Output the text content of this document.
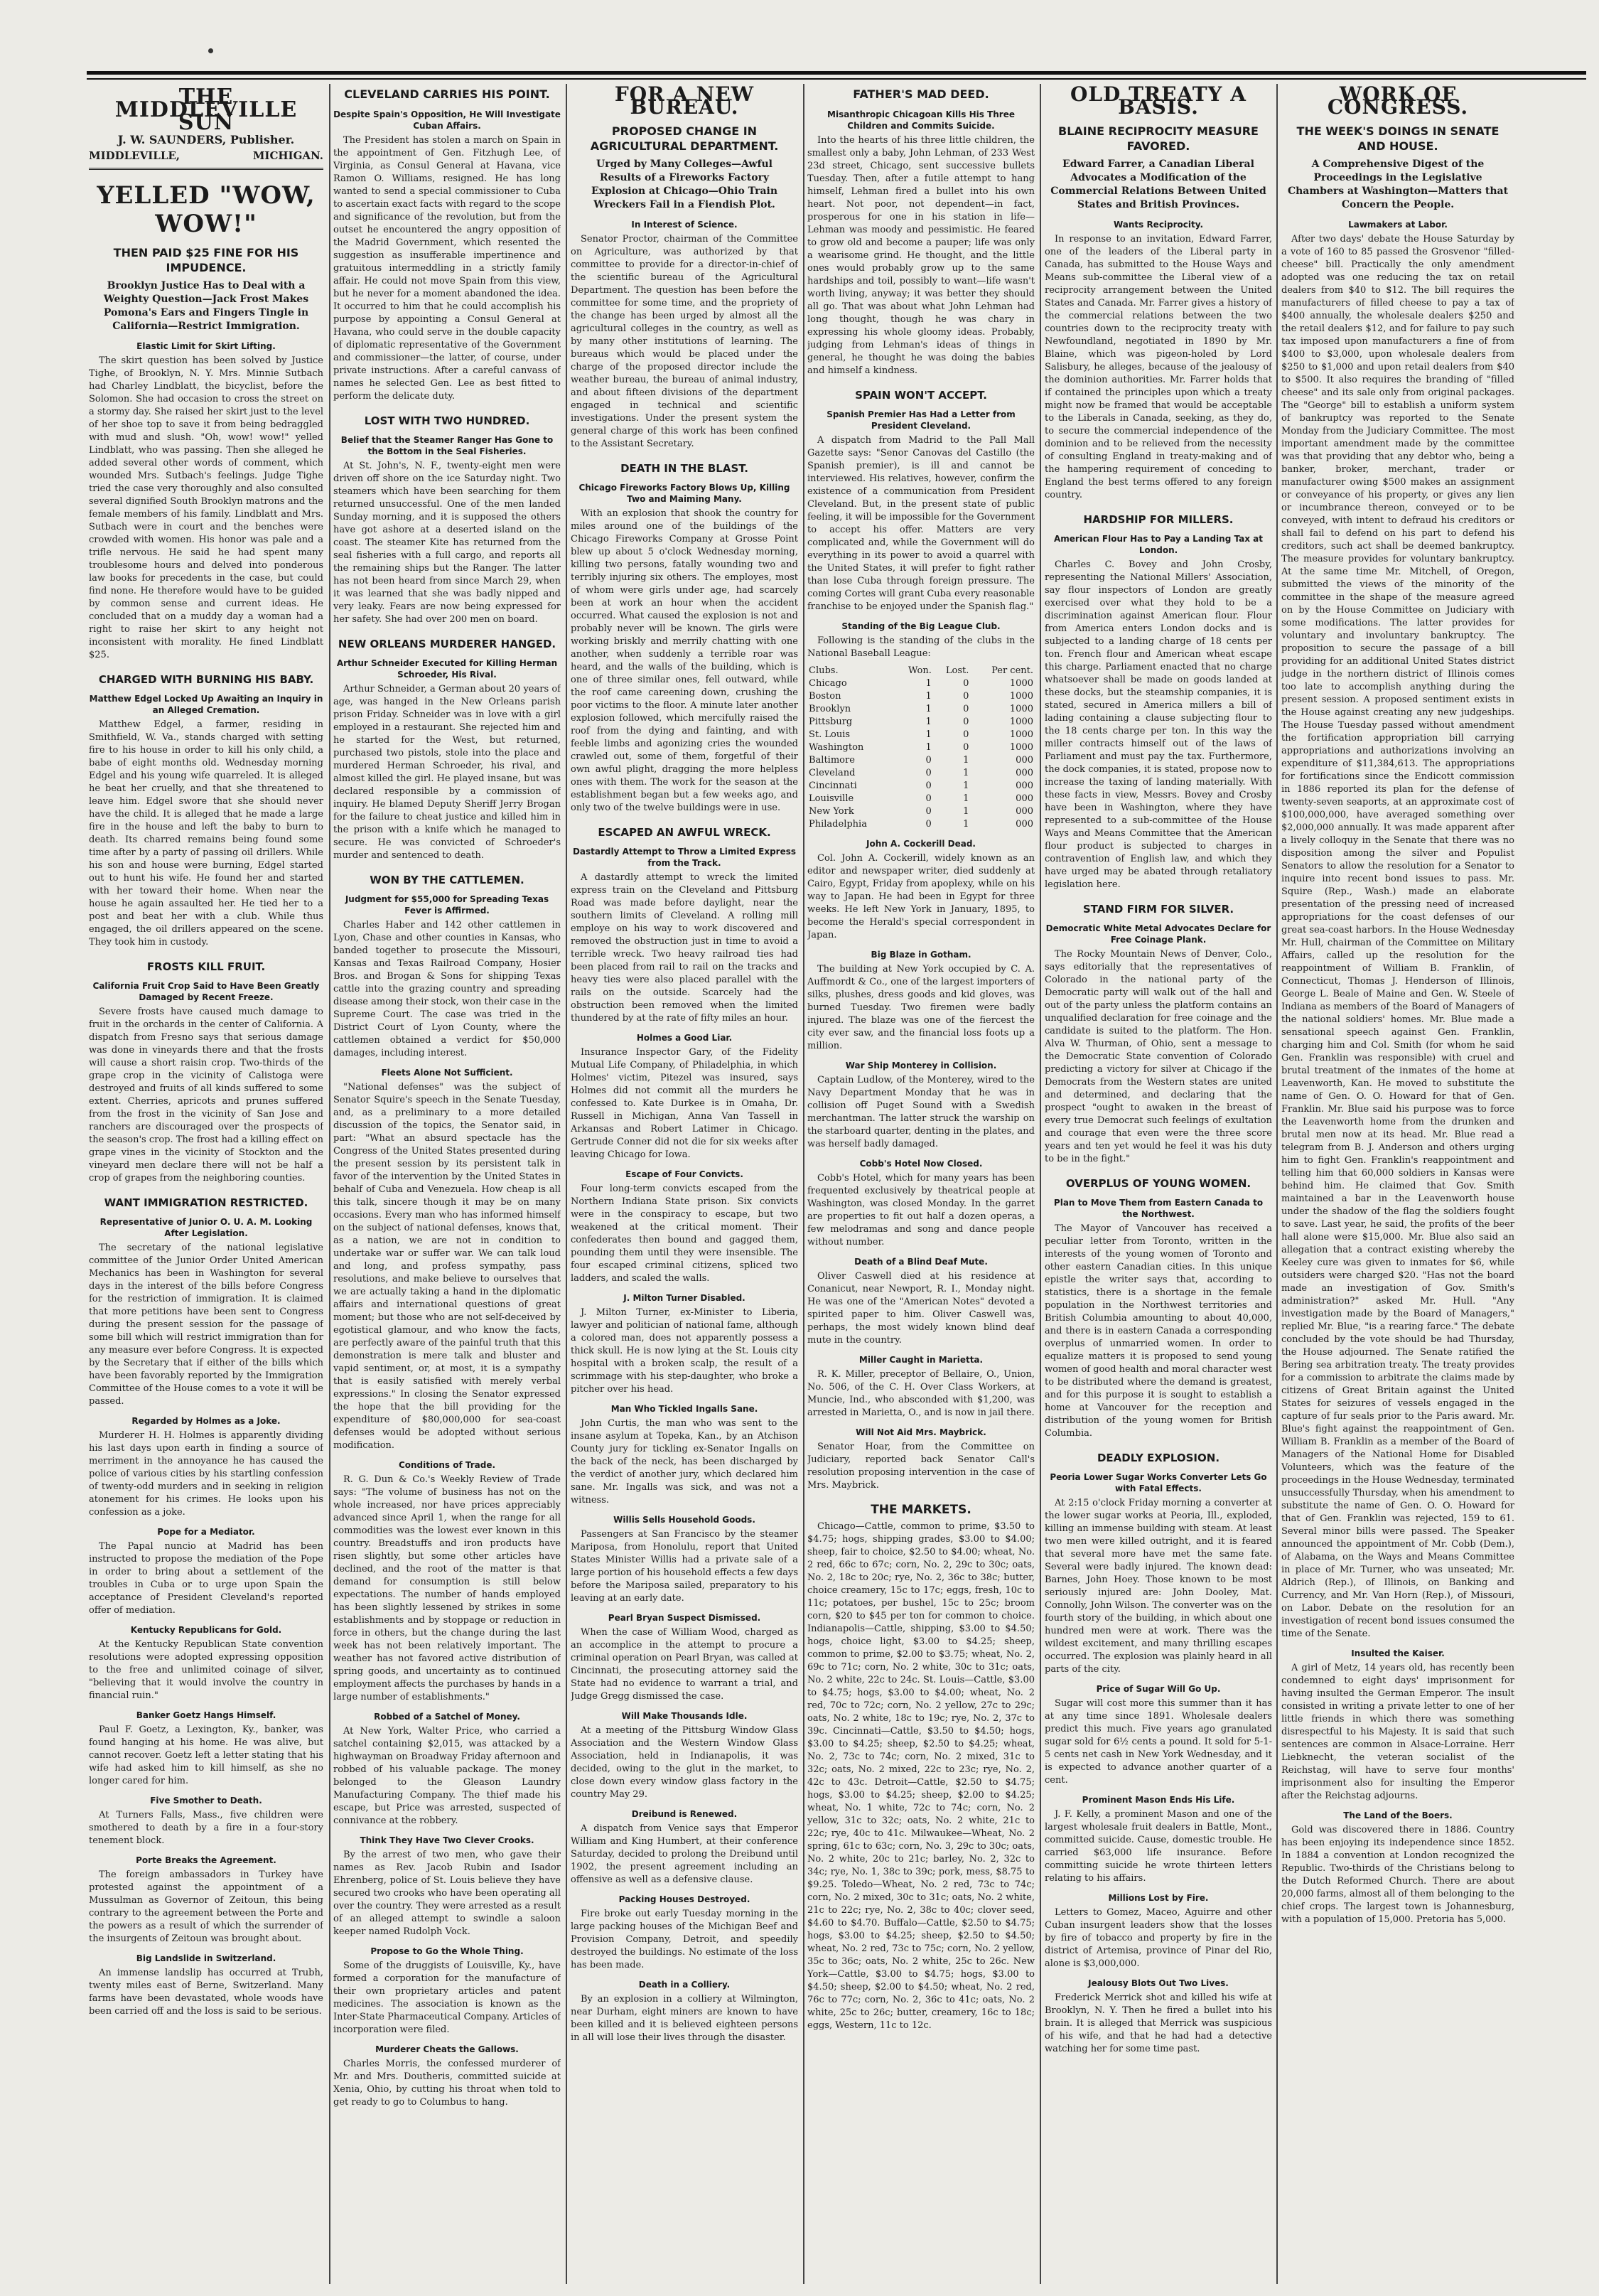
THE MIDDLEVILLE SUN
J. W. SAUNDERS, Publisher.
MIDDLEVILLE,	MICHIGAN.
YELLED "WOW, WOW!"
THEN PAID $25 FINE FOR HIS IMPUDENCE.
Brooklyn Justice Has to Deal with a Weighty Question—Jack Frost Makes Pomona's Ears and Fingers Tingle in California—Restrict Immigration.
Elastic Limit for Skirt Lifting.

The skirt question has been solved by Justice Tighe, of Brooklyn, N. Y. Mrs. Minnie Sutbach had Charley Lindblatt, the bicyclist, before the Solomon. She had occasion to cross the street on a stormy day. She raised her skirt just to the level of her shoe top to save it from being bedraggled with mud and slush. "Oh, wow! wow!" yelled Lindblatt, who was passing. Then she alleged he added several other words of comment, which wounded Mrs. Sutbach's feelings. Judge Tighe tried the case very thoroughly and also consulted several dignified South Brooklyn matrons and the female members of his family. Lindblatt and Mrs. Sutbach were in court and the benches were crowded with women. His honor was pale and a trifle nervous. He said he had spent many troublesome hours and delved into ponderous law books for precedents in the case, but could find none. He therefore would have to be guided by common sense and current ideas. He concluded that on a muddy day a woman had a right to raise her skirt to any height not inconsistent with morality. He fined Lindblatt $25.

CHARGED WITH BURNING HIS BABY.
Matthew Edgel Locked Up Awaiting an Inquiry in an Alleged Cremation.

Matthew Edgel, a farmer, residing in Smithfield, W. Va., stands charged with setting fire to his house in order to kill his only child, a babe of eight months old. Wednesday morning Edgel and his young wife quarreled. It is alleged he beat her cruelly, and that she threatened to leave him. Edgel swore that she should never have the child. It is alleged that he made a large fire in the house and left the baby to burn to death. Its charred remains being found some time after by a party of passing oil drillers. While his son and house were burning, Edgel started out to hunt his wife. He found her and started with her toward their home. When near the house he again assaulted her. He tied her to a post and beat her with a club. While thus engaged, the oil drillers appeared on the scene. They took him in custody.

FROSTS KILL FRUIT.
California Fruit Crop Said to Have Been Greatly Damaged by Recent Freeze.

Severe frosts have caused much damage to fruit in the orchards in the center of California. A dispatch from Fresno says that serious damage was done in vineyards there and that the frosts will cause a short raisin crop. Two-thirds of the grape crop in the vicinity of Calistoga were destroyed and fruits of all kinds suffered to some extent. Cherries, apricots and prunes suffered from the frost in the vicinity of San Jose and ranchers are discouraged over the prospects of the season's crop. The frost had a killing effect on grape vines in the vicinity of Stockton and the vineyard men declare there will not be half a crop of grapes from the neighboring counties.

WANT IMMIGRATION RESTRICTED.
Representative of Junior O. U. A. M. Looking After Legislation.

The secretary of the national legislative committee of the Junior Order United American Mechanics has been in Washington for several days in the interest of the bills before Congress for the restriction of immigration. It is claimed that more petitions have been sent to Congress during the present session for the passage of some bill which will restrict immigration than for any measure ever before Congress. It is expected by the Secretary that if either of the bills which have been favorably reported by the Immigration Committee of the House comes to a vote it will be passed.

Regarded by Holmes as a Joke.

Murderer H. H. Holmes is apparently dividing his last days upon earth in finding a source of merriment in the annoyance he has caused the police of various cities by his startling confession of twenty-odd murders and in seeking in religion atonement for his crimes. He looks upon his confession as a joke.

Pope for a Mediator.

The Papal nuncio at Madrid has been instructed to propose the mediation of the Pope in order to bring about a settlement of the troubles in Cuba or to urge upon Spain the acceptance of President Cleveland's reported offer of mediation.

Kentucky Republicans for Gold.

At the Kentucky Republican State convention resolutions were adopted expressing opposition to the free and unlimited coinage of silver, "believing that it would involve the country in financial ruin."

Banker Goetz Hangs Himself.

Paul F. Goetz, a Lexington, Ky., banker, was found hanging at his home. He was alive, but cannot recover. Goetz left a letter stating that his wife had asked him to kill himself, as she no longer cared for him.

Five Smother to Death.

At Turners Falls, Mass., five children were smothered to death by a fire in a four-story tenement block.

Porte Breaks the Agreement.

The foreign ambassadors in Turkey have protested against the appointment of a Mussulman as Governor of Zeitoun, this being contrary to the agreement between the Porte and the powers as a result of which the surrender of the insurgents of Zeitoun was brought about.

Big Landslide in Switzerland.

An immense landslip has occurred at Trubh, twenty miles east of Berne, Switzerland. Many farms have been devastated, whole woods have been carried off and the loss is said to be serious.

CLEVELAND CARRIES HIS POINT.
Despite Spain's Opposition, He Will Investigate Cuban Affairs.

The President has stolen a march on Spain in the appointment of Gen. Fitzhugh Lee, of Virginia, as Consul General at Havana, vice Ramon O. Williams, resigned. He has long wanted to send a special commissioner to Cuba to ascertain exact facts with regard to the scope and significance of the revolution, but from the outset he encountered the angry opposition of the Madrid Government, which resented the suggestion as insufferable impertinence and gratuitous intermeddling in a strictly family affair. He could not move Spain from this view, but he never for a moment abandoned the idea. It occurred to him that he could accomplish his purpose by appointing a Consul General at Havana, who could serve in the double capacity of diplomatic representative of the Government and commissioner—the latter, of course, under private instructions. After a careful canvass of names he selected Gen. Lee as best fitted to perform the delicate duty.

LOST WITH TWO HUNDRED.
Belief that the Steamer Ranger Has Gone to the Bottom in the Seal Fisheries.

At St. John's, N. F., twenty-eight men were driven off shore on the ice Saturday night. Two steamers which have been searching for them returned unsuccessful. One of the men landed Sunday morning, and it is supposed the others have got ashore at a deserted island on the coast. The steamer Kite has returned from the seal fisheries with a full cargo, and reports all the remaining ships but the Ranger. The latter has not been heard from since March 29, when it was learned that she was badly nipped and very leaky. Fears are now being expressed for her safety. She had over 200 men on board.

NEW ORLEANS MURDERER HANGED.
Arthur Schneider Executed for Killing Herman Schroeder, His Rival.

Arthur Schneider, a German about 20 years of age, was hanged in the New Orleans parish prison Friday. Schneider was in love with a girl employed in a restaurant. She rejected him and he started for the West, but returned, purchased two pistols, stole into the place and murdered Herman Schroeder, his rival, and almost killed the girl. He played insane, but was declared responsible by a commission of inquiry. He blamed Deputy Sheriff Jerry Brogan for the failure to cheat justice and killed him in the prison with a knife which he managed to secure. He was convicted of Schroeder's murder and sentenced to death.

WON BY THE CATTLEMEN.
Judgment for $55,000 for Spreading Texas Fever is Affirmed.

Charles Haber and 142 other cattlemen in Lyon, Chase and other counties in Kansas, who banded together to prosecute the Missouri, Kansas and Texas Railroad Company, Hosier Bros. and Brogan & Sons for shipping Texas cattle into the grazing country and spreading disease among their stock, won their case in the Supreme Court. The case was tried in the District Court of Lyon County, where the cattlemen obtained a verdict for $50,000 damages, including interest.

Fleets Alone Not Sufficient.

"National defenses" was the subject of Senator Squire's speech in the Senate Tuesday, and, as a preliminary to a more detailed discussion of the topics, the Senator said, in part: "What an absurd spectacle has the Congress of the United States presented during the present session by its persistent talk in favor of the intervention by the United States in behalf of Cuba and Venezuela. How cheap is all this talk, sincere though it may be on many occasions. Every man who has informed himself on the subject of national defenses, knows that, as a nation, we are not in condition to undertake war or suffer war. We can talk loud and long, and profess sympathy, pass resolutions, and make believe to ourselves that we are actually taking a hand in the diplomatic affairs and international questions of great moment; but those who are not self-deceived by egotistical glamour, and who know the facts, are perfectly aware of the painful truth that this demonstration is mere talk and bluster and vapid sentiment, or, at most, it is a sympathy that is easily satisfied with merely verbal expressions." In closing the Senator expressed the hope that the bill providing for the expenditure of $80,000,000 for sea-coast defenses would be adopted without serious modification.

Conditions of Trade.

R. G. Dun & Co.'s Weekly Review of Trade says: "The volume of business has not on the whole increased, nor have prices appreciably advanced since April 1, when the range for all commodities was the lowest ever known in this country. Breadstuffs and iron products have risen slightly, but some other articles have declined, and the root of the matter is that demand for consumption is still below expectations. The number of hands employed has been slightly lessened by strikes in some establishments and by stoppage or reduction in force in others, but the change during the last week has not been relatively important. The weather has not favored active distribution of spring goods, and uncertainty as to continued employment affects the purchases by hands in a large number of establishments."

Robbed of a Satchel of Money.

At New York, Walter Price, who carried a satchel containing $2,015, was attacked by a highwayman on Broadway Friday afternoon and robbed of his valuable package. The money belonged to the Gleason Laundry Manufacturing Company. The thief made his escape, but Price was arrested, suspected of connivance at the robbery.

Think They Have Two Clever Crooks.

By the arrest of two men, who gave their names as Rev. Jacob Rubin and Isador Ehrenberg, police of St. Louis believe they have secured two crooks who have been operating all over the country. They were arrested as a result of an alleged attempt to swindle a saloon keeper named Rudolph Vock.

Propose to Go the Whole Thing.

Some of the druggists of Louisville, Ky., have formed a corporation for the manufacture of their own proprietary articles and patent medicines. The association is known as the Inter-State Pharmaceutical Company. Articles of incorporation were filed.

Murderer Cheats the Gallows.

Charles Morris, the confessed murderer of Mr. and Mrs. Doutheris, committed suicide at Xenia, Ohio, by cutting his throat when told to get ready to go to Columbus to hang.

FOR A NEW BUREAU.
PROPOSED CHANGE IN AGRICULTURAL DEPARTMENT.
Urged by Many Colleges—Awful Results of a Fireworks Factory Explosion at Chicago—Ohio Train Wreckers Fail in a Fiendish Plot.
In Interest of Science.

Senator Proctor, chairman of the Committee on Agriculture, was authorized by that committee to provide for a director-in-chief of the scientific bureau of the Agricultural Department. The question has been before the committee for some time, and the propriety of the change has been urged by almost all the agricultural colleges in the country, as well as by many other institutions of learning. The bureaus which would be placed under the charge of the proposed director include the weather bureau, the bureau of animal industry, and about fifteen divisions of the department engaged in technical and scientific investigations. Under the present system the general charge of this work has been confined to the Assistant Secretary.

DEATH IN THE BLAST.
Chicago Fireworks Factory Blows Up, Killing Two and Maiming Many.

With an explosion that shook the country for miles around one of the buildings of the Chicago Fireworks Company at Grosse Point blew up about 5 o'clock Wednesday morning, killing two persons, fatally wounding two and terribly injuring six others. The employes, most of whom were girls under age, had scarcely been at work an hour when the accident occurred. What caused the explosion is not and probably never will be known. The girls were working briskly and merrily chatting with one another, when suddenly a terrible roar was heard, and the walls of the building, which is one of three similar ones, fell outward, while the roof came careening down, crushing the poor victims to the floor. A minute later another explosion followed, which mercifully raised the roof from the dying and fainting, and with feeble limbs and agonizing cries the wounded crawled out, some of them, forgetful of their own awful plight, dragging the more helpless ones with them. The work for the season at the establishment began but a few weeks ago, and only two of the twelve buildings were in use.

ESCAPED AN AWFUL WRECK.
Dastardly Attempt to Throw a Limited Express from the Track.

A dastardly attempt to wreck the limited express train on the Cleveland and Pittsburg Road was made before daylight, near the southern limits of Cleveland. A rolling mill employe on his way to work discovered and removed the obstruction just in time to avoid a terrible wreck. Two heavy railroad ties had been placed from rail to rail on the tracks and heavy ties were also placed parallel with the rails on the outside. Scarcely had the obstruction been removed when the limited thundered by at the rate of fifty miles an hour.

Holmes a Good Liar.

Insurance Inspector Gary, of the Fidelity Mutual Life Company, of Philadelphia, in which Holmes' victim, Pitezel was insured, says Holmes did not commit all the murders he confessed to. Kate Durkee is in Omaha, Dr. Russell in Michigan, Anna Van Tassell in Arkansas and Robert Latimer in Chicago. Gertrude Conner did not die for six weeks after leaving Chicago for Iowa.

Escape of Four Convicts.

Four long-term convicts escaped from the Northern Indiana State prison. Six convicts were in the conspiracy to escape, but two weakened at the critical moment. Their confederates then bound and gagged them, pounding them until they were insensible. The four escaped criminal citizens, spliced two ladders, and scaled the walls.

J. Milton Turner Disabled.

J. Milton Turner, ex-Minister to Liberia, lawyer and politician of national fame, although a colored man, does not apparently possess a thick skull. He is now lying at the St. Louis city hospital with a broken scalp, the result of a scrimmage with his step-daughter, who broke a pitcher over his head.

Man Who Tickled Ingalls Sane.

John Curtis, the man who was sent to the insane asylum at Topeka, Kan., by an Atchison County jury for tickling ex-Senator Ingalls on the back of the neck, has been discharged by the verdict of another jury, which declared him sane. Mr. Ingalls was sick, and was not a witness.

Willis Sells Household Goods.

Passengers at San Francisco by the steamer Mariposa, from Honolulu, report that United States Minister Willis had a private sale of a large portion of his household effects a few days before the Mariposa sailed, preparatory to his leaving at an early date.

Pearl Bryan Suspect Dismissed.

When the case of William Wood, charged as an accomplice in the attempt to procure a criminal operation on Pearl Bryan, was called at Cincinnati, the prosecuting attorney said the State had no evidence to warrant a trial, and Judge Gregg dismissed the case.

Will Make Thousands Idle.

At a meeting of the Pittsburg Window Glass Association and the Western Window Glass Association, held in Indianapolis, it was decided, owing to the glut in the market, to close down every window glass factory in the country May 29.

Dreibund is Renewed.

A dispatch from Venice says that Emperor William and King Humbert, at their conference Saturday, decided to prolong the Dreibund until 1902, the present agreement including an offensive as well as a defensive clause.

Packing Houses Destroyed.

Fire broke out early Tuesday morning in the large packing houses of the Michigan Beef and Provision Company, Detroit, and speedily destroyed the buildings. No estimate of the loss has been made.

Death in a Colliery.

By an explosion in a colliery at Wilmington, near Durham, eight miners are known to have been killed and it is believed eighteen persons in all will lose their lives through the disaster.

FATHER'S MAD DEED.
Misanthropic Chicagoan Kills His Three Children and Commits Suicide.

Into the hearts of his three little children, the smallest only a baby, John Lehman, of 233 West 23d street, Chicago, sent successive bullets Tuesday. Then, after a futile attempt to hang himself, Lehman fired a bullet into his own heart. Not poor, not dependent—in fact, prosperous for one in his station in life—Lehman was moody and pessimistic. He feared to grow old and become a pauper; life was only a wearisome grind. He thought, and the little ones would probably grow up to the same hardships and toil, possibly to want—life wasn't worth living, anyway; it was better they should all go. That was about what John Lehman had long thought, though he was chary in expressing his whole gloomy ideas. Probably, judging from Lehman's ideas of things in general, he thought he was doing the babies and himself a kindness.

SPAIN WON'T ACCEPT.
Spanish Premier Has Had a Letter from President Cleveland.

A dispatch from Madrid to the Pall Mall Gazette says: "Senor Canovas del Castillo (the Spanish premier), is ill and cannot be interviewed. His relatives, however, confirm the existence of a communication from President Cleveland. But, in the present state of public feeling, it will be impossible for the Government to accept his offer. Matters are very complicated and, while the Government will do everything in its power to avoid a quarrel with the United States, it will prefer to fight rather than lose Cuba through foreign pressure. The coming Cortes will grant Cuba every reasonable franchise to be enjoyed under the Spanish flag."

Standing of the Big League Club.

Following is the standing of the clubs in the National Baseball League:

Clubs.	Won.	Lost.	Per cent.
Chicago	1	0	1000
Boston	1	0	1000
Brooklyn	1	0	1000
Pittsburg	1	0	1000
St. Louis	1	0	1000
Washington	1	0	1000
Baltimore	0	1	000
Cleveland	0	1	000
Cincinnati	0	1	000
Louisville	0	1	000
New York	0	1	000
Philadelphia	0	1	000
John A. Cockerill Dead.

Col. John A. Cockerill, widely known as an editor and newspaper writer, died suddenly at Cairo, Egypt, Friday from apoplexy, while on his way to Japan. He had been in Egypt for three weeks. He left New York in January, 1895, to become the Herald's special correspondent in Japan.

Big Blaze in Gotham.

The building at New York occupied by C. A. Auffmordt & Co., one of the largest importers of silks, plushes, dress goods and kid gloves, was burned Tuesday. Two firemen were badly injured. The blaze was one of the fiercest the city ever saw, and the financial loss foots up a million.

War Ship Monterey in Collision.

Captain Ludlow, of the Monterey, wired to the Navy Department Monday that he was in collision off Puget Sound with a Swedish merchantman. The latter struck the warship on the starboard quarter, denting in the plates, and was herself badly damaged.

Cobb's Hotel Now Closed.

Cobb's Hotel, which for many years has been frequented exclusively by theatrical people at Washington, was closed Monday. In the garret are properties to fit out half a dozen operas, a few melodramas and song and dance people without number.

Death of a Blind Deaf Mute.

Oliver Caswell died at his residence at Conanicut, near Newport, R. I., Monday night. He was one of the "American Notes" devoted a spirited paper to him. Oliver Caswell was, perhaps, the most widely known blind deaf mute in the country.

Miller Caught in Marietta.

R. K. Miller, preceptor of Bellaire, O., Union, No. 506, of the C. H. Over Class Workers, at Muncie, Ind., who absconded with $1,200, was arrested in Marietta, O., and is now in jail there.

Will Not Aid Mrs. Maybrick.

Senator Hoar, from the Committee on Judiciary, reported back Senator Call's resolution proposing intervention in the case of Mrs. Maybrick.

THE MARKETS.

Chicago—Cattle, common to prime, $3.50 to $4.75; hogs, shipping grades, $3.00 to $4.00; sheep, fair to choice, $2.50 to $4.00; wheat, No. 2 red, 66c to 67c; corn, No. 2, 29c to 30c; oats, No. 2, 18c to 20c; rye, No. 2, 36c to 38c; butter, choice creamery, 15c to 17c; eggs, fresh, 10c to 11c; potatoes, per bushel, 15c to 25c; broom corn, $20 to $45 per ton for common to choice. Indianapolis—Cattle, shipping, $3.00 to $4.50; hogs, choice light, $3.00 to $4.25; sheep, common to prime, $2.00 to $3.75; wheat, No. 2, 69c to 71c; corn, No. 2 white, 30c to 31c; oats, No. 2 white, 22c to 24c. St. Louis—Cattle, $3.00 to $4.75; hogs, $3.00 to $4.00; wheat, No. 2 red, 70c to 72c; corn, No. 2 yellow, 27c to 29c; oats, No. 2 white, 18c to 19c; rye, No. 2, 37c to 39c. Cincinnati—Cattle, $3.50 to $4.50; hogs, $3.00 to $4.25; sheep, $2.50 to $4.25; wheat, No. 2, 73c to 74c; corn, No. 2 mixed, 31c to 32c; oats, No. 2 mixed, 22c to 23c; rye, No. 2, 42c to 43c. Detroit—Cattle, $2.50 to $4.75; hogs, $3.00 to $4.25; sheep, $2.00 to $4.25; wheat, No. 1 white, 72c to 74c; corn, No. 2 yellow, 31c to 32c; oats, No. 2 white, 21c to 22c; rye, 40c to 41c. Milwaukee—Wheat, No. 2 spring, 61c to 63c; corn, No. 3, 29c to 30c; oats, No. 2 white, 20c to 21c; barley, No. 2, 32c to 34c; rye, No. 1, 38c to 39c; pork, mess, $8.75 to $9.25. Toledo—Wheat, No. 2 red, 73c to 74c; corn, No. 2 mixed, 30c to 31c; oats, No. 2 white, 21c to 22c; rye, No. 2, 38c to 40c; clover seed, $4.60 to $4.70. Buffalo—Cattle, $2.50 to $4.75; hogs, $3.00 to $4.25; sheep, $2.50 to $4.50; wheat, No. 2 red, 73c to 75c; corn, No. 2 yellow, 35c to 36c; oats, No. 2 white, 25c to 26c. New York—Cattle, $3.00 to $4.75; hogs, $3.00 to $4.50; sheep, $2.00 to $4.50; wheat, No. 2 red, 76c to 77c; corn, No. 2, 36c to 41c; oats, No. 2 white, 25c to 26c; butter, creamery, 16c to 18c; eggs, Western, 11c to 12c.

OLD TREATY A BASIS.
BLAINE RECIPROCITY MEASURE FAVORED.
Edward Farrer, a Canadian Liberal Advocates a Modification of the Commercial Relations Between United States and British Provinces.
Wants Reciprocity.

In response to an invitation, Edward Farrer, one of the leaders of the Liberal party in Canada, has submitted to the House Ways and Means sub-committee the Liberal view of a reciprocity arrangement between the United States and Canada. Mr. Farrer gives a history of the commercial relations between the two countries down to the reciprocity treaty with Newfoundland, negotiated in 1890 by Mr. Blaine, which was pigeon-holed by Lord Salisbury, he alleges, because of the jealousy of the dominion authorities. Mr. Farrer holds that if contained the principles upon which a treaty might now be framed that would be acceptable to the Liberals in Canada, seeking, as they do, to secure the commercial independence of the dominion and to be relieved from the necessity of consulting England in treaty-making and of the hampering requirement of conceding to England the best terms offered to any foreign country.

HARDSHIP FOR MILLERS.
American Flour Has to Pay a Landing Tax at London.

Charles C. Bovey and John Crosby, representing the National Millers' Association, say flour inspectors of London are greatly exercised over what they hold to be a discrimination against American flour. Flour from America enters London docks and is subjected to a landing charge of 18 cents per ton. French flour and American wheat escape this charge. Parliament enacted that no charge whatsoever shall be made on goods landed at these docks, but the steamship companies, it is stated, secured in America millers a bill of lading containing a clause subjecting flour to the 18 cents charge per ton. In this way the miller contracts himself out of the laws of Parliament and must pay the tax. Furthermore, the dock companies, it is stated, propose now to increase the taxing of landing materially. With these facts in view, Messrs. Bovey and Crosby have been in Washington, where they have represented to a sub-committee of the House Ways and Means Committee that the American flour product is subjected to charges in contravention of English law, and which they have urged may be abated through retaliatory legislation here.

STAND FIRM FOR SILVER.
Democratic White Metal Advocates Declare for Free Coinage Plank.

The Rocky Mountain News of Denver, Colo., says editorially that the representatives of Colorado in the national party of the Democratic party will walk out of the hall and out of the party unless the platform contains an unqualified declaration for free coinage and the candidate is suited to the platform. The Hon. Alva W. Thurman, of Ohio, sent a message to the Democratic State convention of Colorado predicting a victory for silver at Chicago if the Democrats from the Western states are united and determined, and declaring that the prospect "ought to awaken in the breast of every true Democrat such feelings of exultation and courage that even were the three score years and ten yet would he feel it was his duty to be in the fight."

OVERPLUS OF YOUNG WOMEN.
Plan to Move Them from Eastern Canada to the Northwest.

The Mayor of Vancouver has received a peculiar letter from Toronto, written in the interests of the young women of Toronto and other eastern Canadian cities. In this unique epistle the writer says that, according to statistics, there is a shortage in the female population in the Northwest territories and British Columbia amounting to about 40,000, and there is in eastern Canada a corresponding overplus of unmarried women. In order to equalize matters it is proposed to send young women of good health and moral character west to be distributed where the demand is greatest, and for this purpose it is sought to establish a home at Vancouver for the reception and distribution of the young women for British Columbia.

DEADLY EXPLOSION.
Peoria Lower Sugar Works Converter Lets Go with Fatal Effects.

At 2:15 o'clock Friday morning a converter at the lower sugar works at Peoria, Ill., exploded, killing an immense building with steam. At least two men were killed outright, and it is feared that several more have met the same fate. Several were badly injured. The known dead: Barnes, John Hoey. Those known to be most seriously injured are: John Dooley, Mat. Connolly, John Wilson. The converter was on the fourth story of the building, in which about one hundred men were at work. There was the wildest excitement, and many thrilling escapes occurred. The explosion was plainly heard in all parts of the city.

Price of Sugar Will Go Up.

Sugar will cost more this summer than it has at any time since 1891. Wholesale dealers predict this much. Five years ago granulated sugar sold for 6½ cents a pound. It sold for 5-1-5 cents net cash in New York Wednesday, and it is expected to advance another quarter of a cent.

Prominent Mason Ends His Life.

J. F. Kelly, a prominent Mason and one of the largest wholesale fruit dealers in Battle, Mont., committed suicide. Cause, domestic trouble. He carried $63,000 life insurance. Before committing suicide he wrote thirteen letters relating to his affairs.

Millions Lost by Fire.

Letters to Gomez, Maceo, Aguirre and other Cuban insurgent leaders show that the losses by fire of tobacco and property by fire in the district of Artemisa, province of Pinar del Rio, alone is $3,000,000.

Jealousy Blots Out Two Lives.

Frederick Merrick shot and killed his wife at Brooklyn, N. Y. Then he fired a bullet into his brain. It is alleged that Merrick was suspicious of his wife, and that he had had a detective watching her for some time past.

WORK OF CONGRESS.
THE WEEK'S DOINGS IN SENATE AND HOUSE.
A Comprehensive Digest of the Proceedings in the Legislative Chambers at Washington—Matters that Concern the People.
Lawmakers at Labor.

After two days' debate the House Saturday by a vote of 160 to 85 passed the Grosvenor "filled-cheese" bill. Practically the only amendment adopted was one reducing the tax on retail dealers from $40 to $12. The bill requires the manufacturers of filled cheese to pay a tax of $400 annually, the wholesale dealers $250 and the retail dealers $12, and for failure to pay such tax imposed upon manufacturers a fine of from $400 to $3,000, upon wholesale dealers from $250 to $1,000 and upon retail dealers from $40 to $500. It also requires the branding of "filled cheese" and its sale only from original packages. The "George" bill to establish a uniform system of bankruptcy was reported to the Senate Monday from the Judiciary Committee. The most important amendment made by the committee was that providing that any debtor who, being a banker, broker, merchant, trader or manufacturer owing $500 makes an assignment or conveyance of his property, or gives any lien or incumbrance thereon, conveyed or to be conveyed, with intent to defraud his creditors or shall fail to defend on his part to defend his creditors, such act shall be deemed bankruptcy. The measure provides for voluntary bankruptcy. At the same time Mr. Mitchell, of Oregon, submitted the views of the minority of the committee in the shape of the measure agreed on by the House Committee on Judiciary with some modifications. The latter provides for voluntary and involuntary bankruptcy. The proposition to secure the passage of a bill providing for an additional United States district judge in the northern district of Illinois comes too late to accomplish anything during the present session. A proposed sentiment exists in the House against creating any new judgeships. The House Tuesday passed without amendment the fortification appropriation bill carrying appropriations and authorizations involving an expenditure of $11,384,613. The appropriations for fortifications since the Endicott commission in 1886 reported its plan for the defense of twenty-seven seaports, at an approximate cost of $100,000,000, have averaged something over $2,000,000 annually. It was made apparent after a lively colloquy in the Senate that there was no disposition among the silver and Populist Senators to allow the resolution for a Senator to inquire into recent bond issues to pass. Mr. Squire (Rep., Wash.) made an elaborate presentation of the pressing need of increased appropriations for the coast defenses of our great sea-coast harbors. In the House Wednesday Mr. Hull, chairman of the Committee on Military Affairs, called up the resolution for the reappointment of William B. Franklin, of Connecticut, Thomas J. Henderson of Illinois, George L. Beale of Maine and Gen. W. Steele of Indiana as members of the Board of Managers of the national soldiers' homes. Mr. Blue made a sensational speech against Gen. Franklin, charging him and Col. Smith (for whom he said Gen. Franklin was responsible) with cruel and brutal treatment of the inmates of the home at Leavenworth, Kan. He moved to substitute the name of Gen. O. O. Howard for that of Gen. Franklin. Mr. Blue said his purpose was to force the Leavenworth home from the drunken and brutal men now at its head. Mr. Blue read a telegram from B. J. Anderson and others urging him to fight Gen. Franklin's reappointment and telling him that 60,000 soldiers in Kansas were behind him. He claimed that Gov. Smith maintained a bar in the Leavenworth house under the shadow of the flag the soldiers fought to save. Last year, he said, the profits of the beer hall alone were $15,000. Mr. Blue also said an allegation that a contract existing whereby the Keeley cure was given to inmates for $6, while outsiders were charged $20. "Has not the board made an investigation of Gov. Smith's administration?" asked Mr. Hull. "Any investigation made by the Board of Managers," replied Mr. Blue, "is a rearing farce." The debate concluded by the vote should be had Thursday, the House adjourned. The Senate ratified the Bering sea arbitration treaty. The treaty provides for a commission to arbitrate the claims made by citizens of Great Britain against the United States for seizures of vessels engaged in the capture of fur seals prior to the Paris award. Mr. Blue's fight against the reappointment of Gen. William B. Franklin as a member of the Board of Managers of the National Home for Disabled Volunteers, which was the feature of the proceedings in the House Wednesday, terminated unsuccessfully Thursday, when his amendment to substitute the name of Gen. O. O. Howard for that of Gen. Franklin was rejected, 159 to 61. Several minor bills were passed. The Speaker announced the appointment of Mr. Cobb (Dem.), of Alabama, on the Ways and Means Committee in place of Mr. Turner, who was unseated; Mr. Aldrich (Rep.), of Illinois, on Banking and Currency, and Mr. Van Horn (Rep.), of Missouri, on Labor. Debate on the resolution for an investigation of recent bond issues consumed the time of the Senate.

Insulted the Kaiser.

A girl of Metz, 14 years old, has recently been condemned to eight days' imprisonment for having insulted the German Emperor. The insult consisted in writing a private letter to one of her little friends in which there was something disrespectful to his Majesty. It is said that such sentences are common in Alsace-Lorraine. Herr Liebknecht, the veteran socialist of the Reichstag, will have to serve four months' imprisonment also for insulting the Emperor after the Reichstag adjourns.

The Land of the Boers.

Gold was discovered there in 1886. Country has been enjoying its independence since 1852. In 1884 a convention at London recognized the Republic. Two-thirds of the Christians belong to the Dutch Reformed Church. There are about 20,000 farms, almost all of them belonging to the chief crops. The largest town is Johannesburg, with a population of 15,000. Pretoria has 5,000.
